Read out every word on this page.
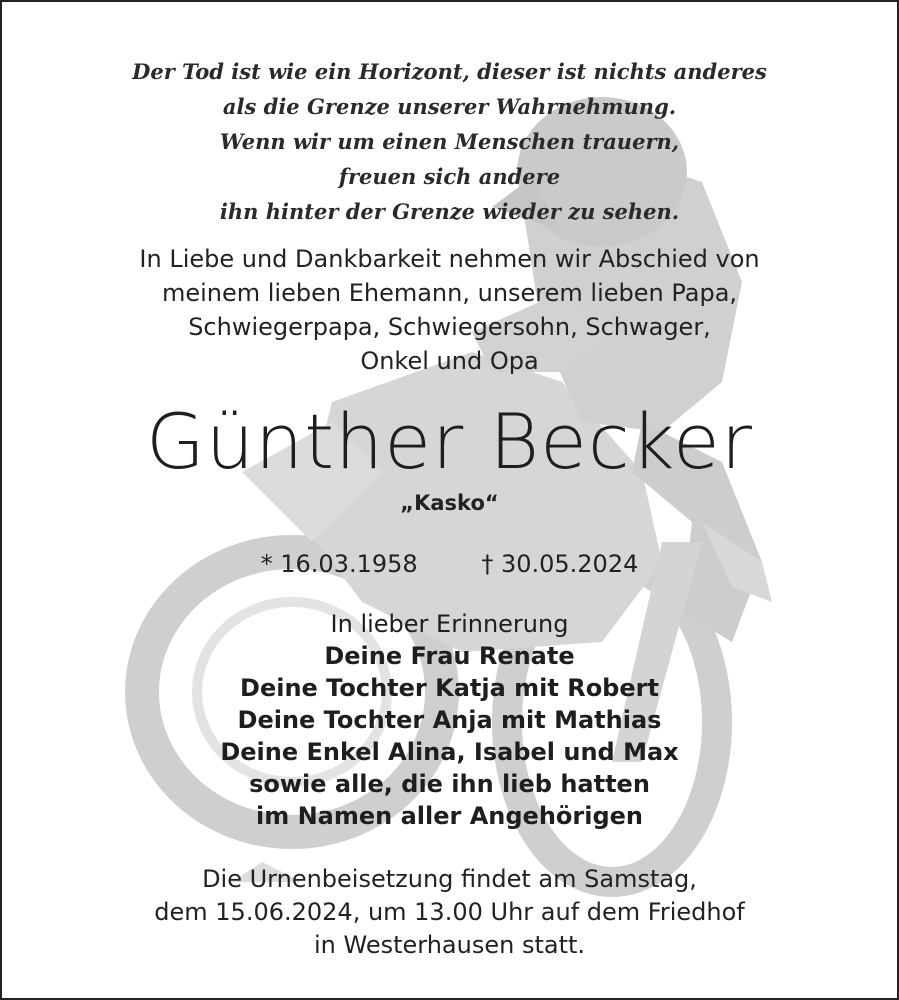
Der Tod ist wie ein Horizont, dieser ist nichts anderes
als die Grenze unserer Wahrnehmung.
Wenn wir um einen Menschen trauern,
freuen sich andere
ihn hinter der Grenze wieder zu sehen.
In Liebe und Dankbarkeit nehmen wir Abschied von
meinem lieben Ehemann, unserem lieben Papa,
Schwiegerpapa, Schwiegersohn, Schwager,
Onkel und Opa
Günther Becker
„Kasko“
* 16.03.1958	† 30.05.2024
In lieber Erinnerung
Deine Frau Renate
Deine Tochter Katja mit Robert
Deine Tochter Anja mit Mathias
Deine Enkel Alina, Isabel und Max
sowie alle, die ihn lieb hatten
im Namen aller Angehörigen
Die Urnenbeisetzung findet am Samstag,
dem 15.06.2024, um 13.00 Uhr auf dem Friedhof
in Westerhausen statt.
